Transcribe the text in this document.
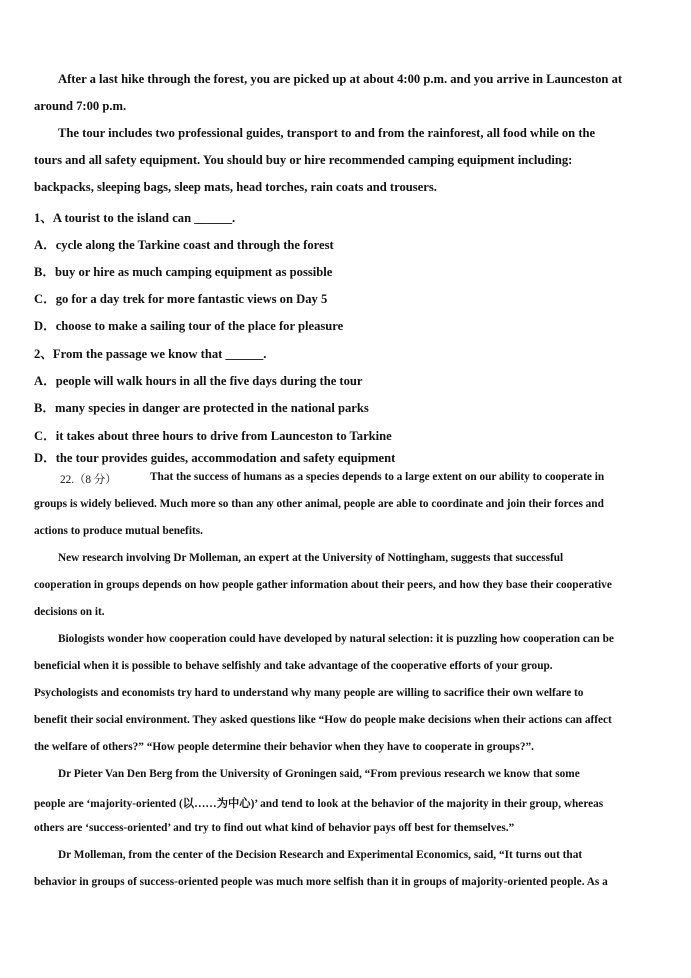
After a last hike through the forest, you are picked up at about 4:00 p.m. and you arrive in Launceston at
around 7:00 p.m.
The tour includes two professional guides, transport to and from the rainforest, all food while on the
tours and all safety equipment. You should buy or hire recommended camping equipment including:
backpacks, sleeping bags, sleep mats, head torches, rain coats and trousers.
1、A tourist to the island can ______.
A．cycle along the Tarkine coast and through the forest
B．buy or hire as much camping equipment as possible
C．go for a day trek for more fantastic views on Day 5
D．choose to make a sailing tour of the place for pleasure
2、From the passage we know that ______.
A．people will walk hours in all the five days during the tour
B．many species in danger are protected in the national parks
C．it takes about three hours to drive from Launceston to Tarkine
D．the tour provides guides, accommodation and safety equipment
22.（8 分）	That the success of humans as a species depends to a large extent on our ability to cooperate in
groups is widely believed. Much more so than any other animal, people are able to coordinate and join their forces and
actions to produce mutual benefits.
New research involving Dr Molleman, an expert at the University of Nottingham, suggests that successful
cooperation in groups depends on how people gather information about their peers, and how they base their cooperative
decisions on it.
Biologists wonder how cooperation could have developed by natural selection: it is puzzling how cooperation can be
beneficial when it is possible to behave selfishly and take advantage of the cooperative efforts of your group.
Psychologists and economists try hard to understand why many people are willing to sacrifice their own welfare to
benefit their social environment. They asked questions like “How do people make decisions when their actions can affect
the welfare of others?” “How people determine their behavior when they have to cooperate in groups?”.
Dr Pieter Van Den Berg from the University of Groningen said, “From previous research we know that some
people are ‘majority-oriented (以……为中心)’ and tend to look at the behavior of the majority in their group, whereas
others are ‘success-oriented’ and try to find out what kind of behavior pays off best for themselves.”
Dr Molleman, from the center of the Decision Research and Experimental Economics, said, “It turns out that
behavior in groups of success-oriented people was much more selfish than it in groups of majority-oriented people. As a
